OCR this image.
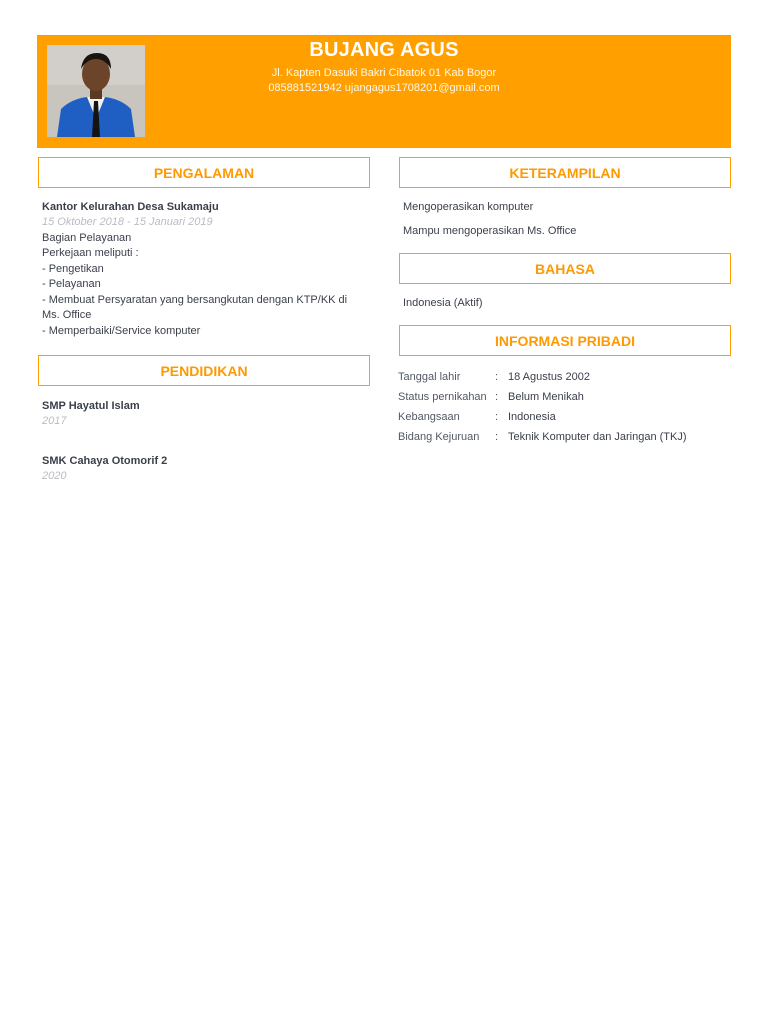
BUJANG AGUS
Jl. Kapten Dasuki Bakri Cibatok 01 Kab Bogor
085881521942 ujangagus1708201@gmail.com
PENGALAMAN
Kantor Kelurahan Desa Sukamaju
15 Oktober 2018 - 15 Januari 2019
Bagian Pelayanan
Perkejaan meliputi :
- Pengetikan
- Pelayanan
- Membuat Persyaratan yang bersangkutan dengan KTP/KK di
Ms. Office
- Memperbaiki/Service komputer
PENDIDIKAN
SMP Hayatul Islam
2017
SMK Cahaya Otomorif 2
2020
KETERAMPILAN
Mengoperasikan komputer
Mampu mengoperasikan Ms. Office
BAHASA
Indonesia (Aktif)
INFORMASI PRIBADI
Tanggal lahir	: 18 Agustus 2002
Status pernikahan : Belum Menikah
Kebangsaan	: Indonesia
Bidang Kejuruan : Teknik Komputer dan Jaringan (TKJ)
